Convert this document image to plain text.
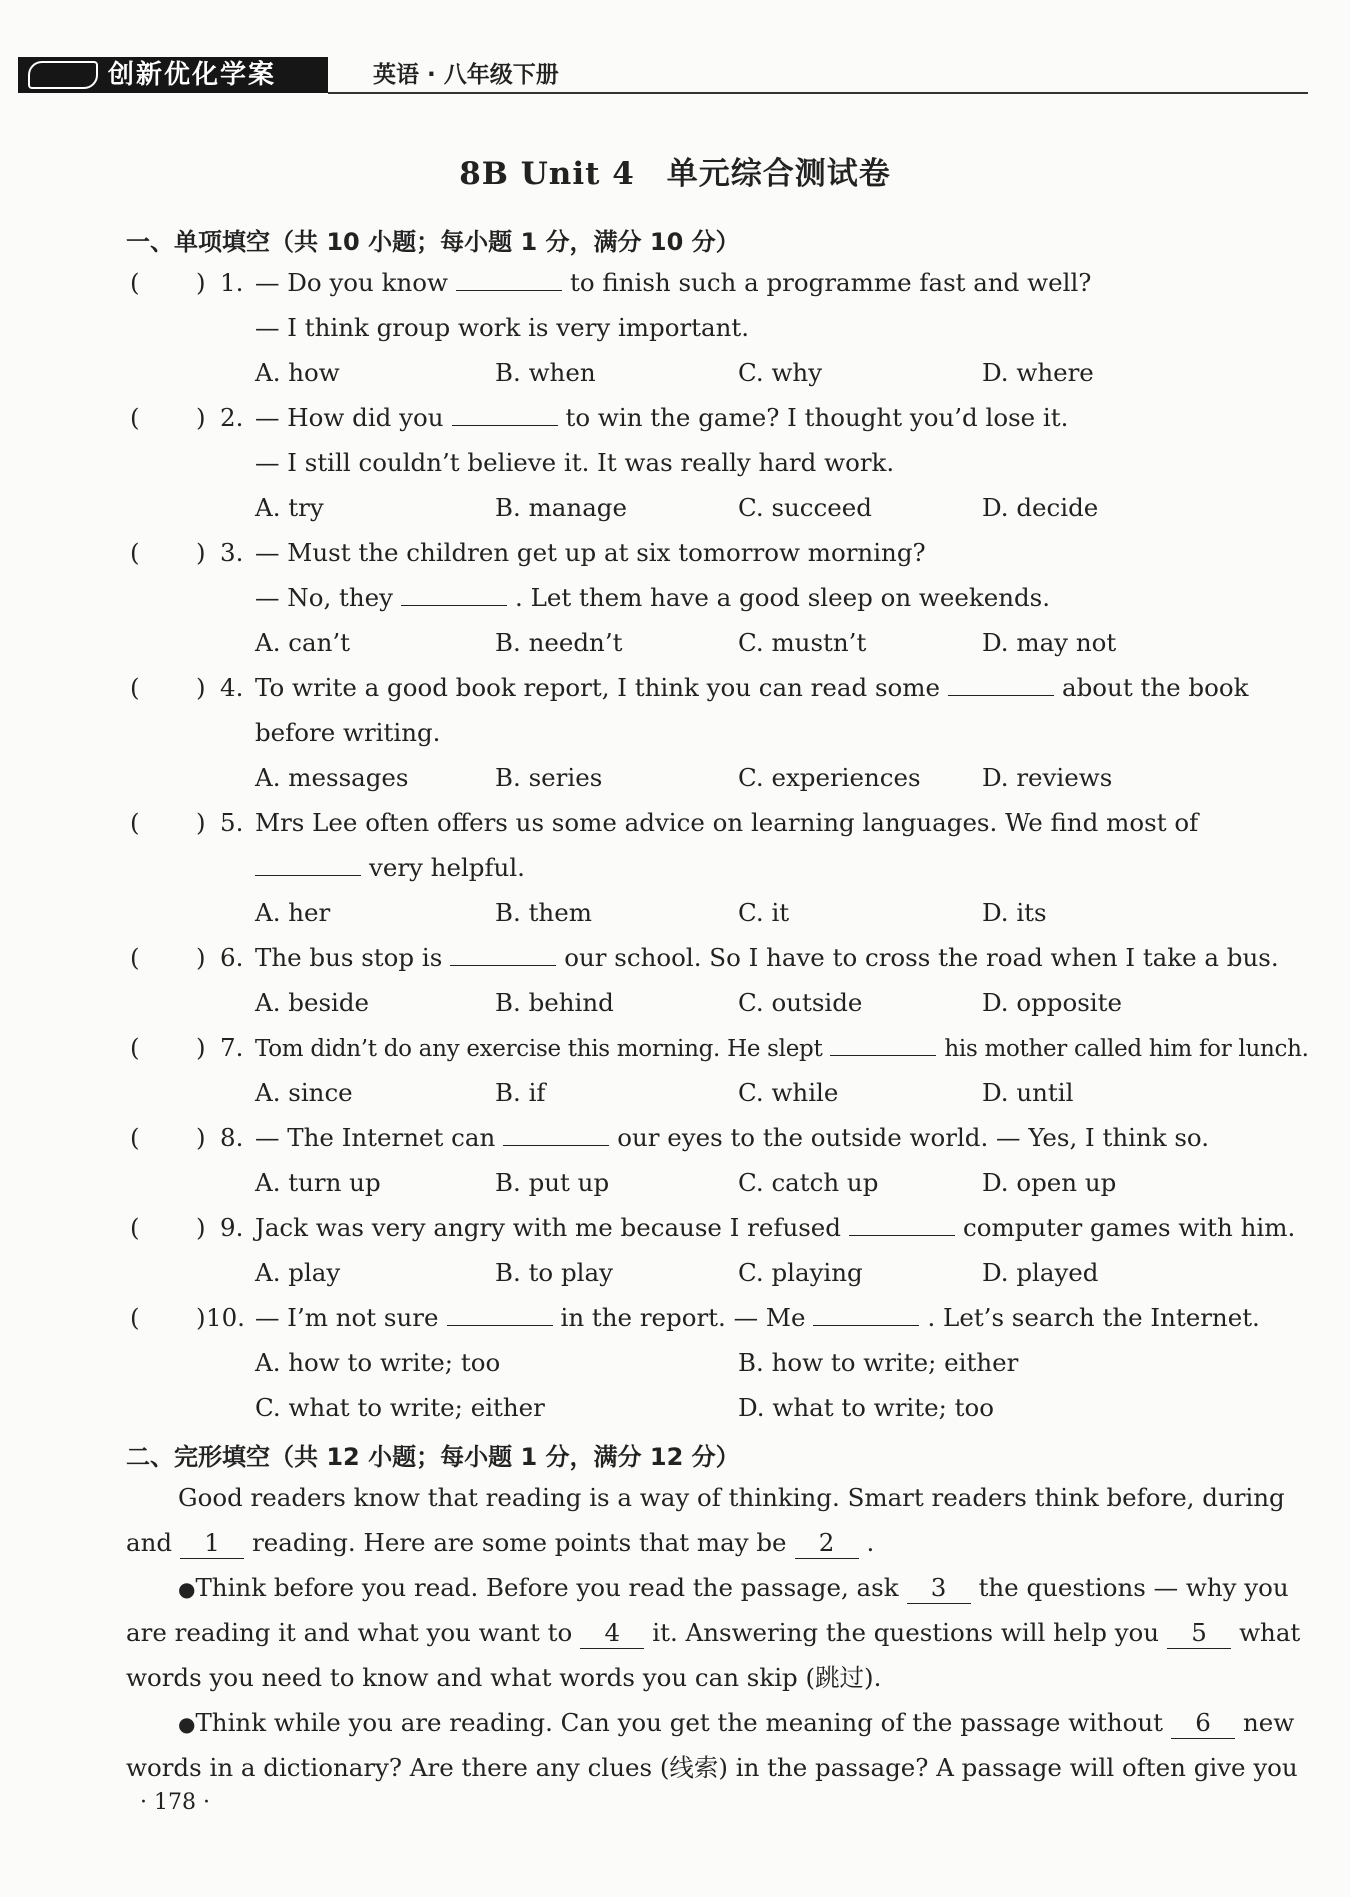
创新优化学案	英语 · 八年级下册
8B Unit 4　单元综合测试卷
一、单项填空（共 10 小题；每小题 1 分，满分 10 分）
( ) 1. — Do you know	to finish such a programme fast and well?
— I think group work is very important.
A. how	B. when	C. why	D. where
( ) 2. — How did you	to win the game? I thought you’d lose it.
— I still couldn’t believe it. It was really hard work.
A. try	B. manage	C. succeed	D. decide
( ) 3. — Must the children get up at six tomorrow morning?
— No, they	. Let them have a good sleep on weekends.
A. can’t	B. needn’t	C. mustn’t	D. may not
( ) 4. To write a good book report, I think you can read some	about the book
before writing.
A. messages	B. series	C. experiences	D. reviews
( ) 5. Mrs Lee often offers us some advice on learning languages. We find most of
very helpful.
A. her	B. them	C. it	D. its
( ) 6. The bus stop is	our school. So I have to cross the road when I take a bus.
A. beside	B. behind	C. outside	D. opposite
( ) 7. Tom didn’t do any exercise this morning. He slept	his mother called him for lunch.
A. since	B. if	C. while	D. until
( ) 8. — The Internet can	our eyes to the outside world. — Yes, I think so.
A. turn up	B. put up	C. catch up	D. open up
( ) 9. Jack was very angry with me because I refused	computer games with him.
A. play	B. to play	C. playing	D. played
( ) 10. — I’m not sure	in the report. — Me	. Let’s search the Internet.
A. how to write; too	B. how to write; either
C. what to write; either	D. what to write; too
二、完形填空（共 12 小题；每小题 1 分，满分 12 分）
Good readers know that reading is a way of thinking. Smart readers think before, during
and 1 reading. Here are some points that may be 2 .
●Think before you read. Before you read the passage, ask 3 the questions — why you
are reading it and what you want to 4 it. Answering the questions will help you 5 what
words you need to know and what words you can skip (跳过).
●Think while you are reading. Can you get the meaning of the passage without 6 new
words in a dictionary? Are there any clues (线索) in the passage? A passage will often give you
· 178 ·
